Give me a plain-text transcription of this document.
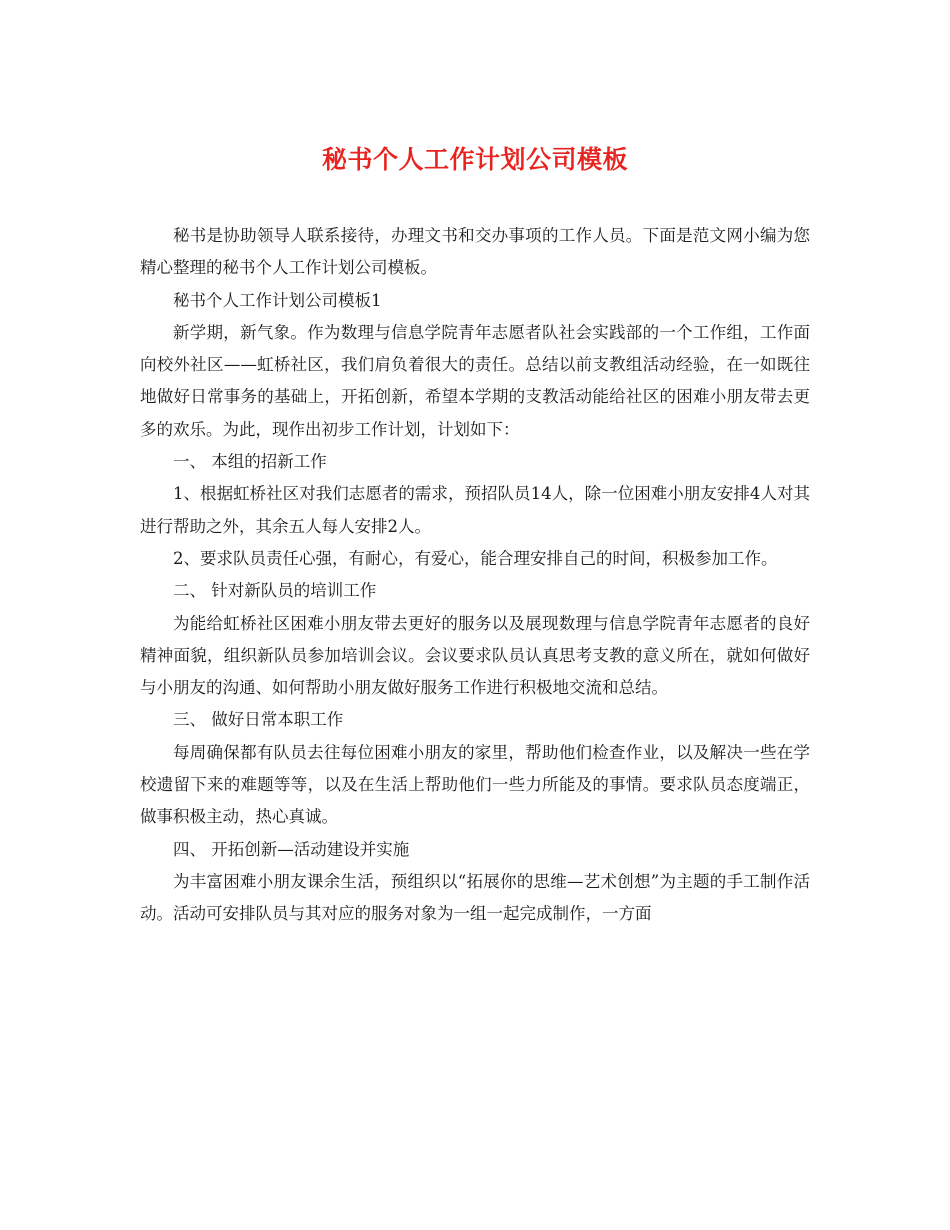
秘书个人工作计划公司模板

秘书是协助领导人联系接待，办理文书和交办事项的工作人员。下面是范文网小编为您精心整理的秘书个人工作计划公司模板。

秘书个人工作计划公司模板1

新学期，新气象。作为数理与信息学院青年志愿者队社会实践部的一个工作组，工作面向校外社区——虹桥社区，我们肩负着很大的责任。总结以前支教组活动经验，在一如既往地做好日常事务的基础上，开拓创新，希望本学期的支教活动能给社区的困难小朋友带去更多的欢乐。为此，现作出初步工作计划，计划如下：

一、 本组的招新工作

1、根据虹桥社区对我们志愿者的需求，预招队员14人，除一位困难小朋友安排4人对其进行帮助之外，其余五人每人安排2人。

2、要求队员责任心强，有耐心，有爱心，能合理安排自己的时间，积极参加工作。

二、 针对新队员的培训工作

为能给虹桥社区困难小朋友带去更好的服务以及展现数理与信息学院青年志愿者的良好精神面貌，组织新队员参加培训会议。会议要求队员认真思考支教的意义所在，就如何做好与小朋友的沟通、如何帮助小朋友做好服务工作进行积极地交流和总结。

三、 做好日常本职工作

每周确保都有队员去往每位困难小朋友的家里，帮助他们检查作业，以及解决一些在学校遗留下来的难题等等，以及在生活上帮助他们一些力所能及的事情。要求队员态度端正，做事积极主动，热心真诚。

四、 开拓创新—活动建设并实施

为丰富困难小朋友课余生活，预组织以“拓展你的思维—艺术创想”为主题的手工制作活动。活动可安排队员与其对应的服务对象为一组一起完成制作，一方面
